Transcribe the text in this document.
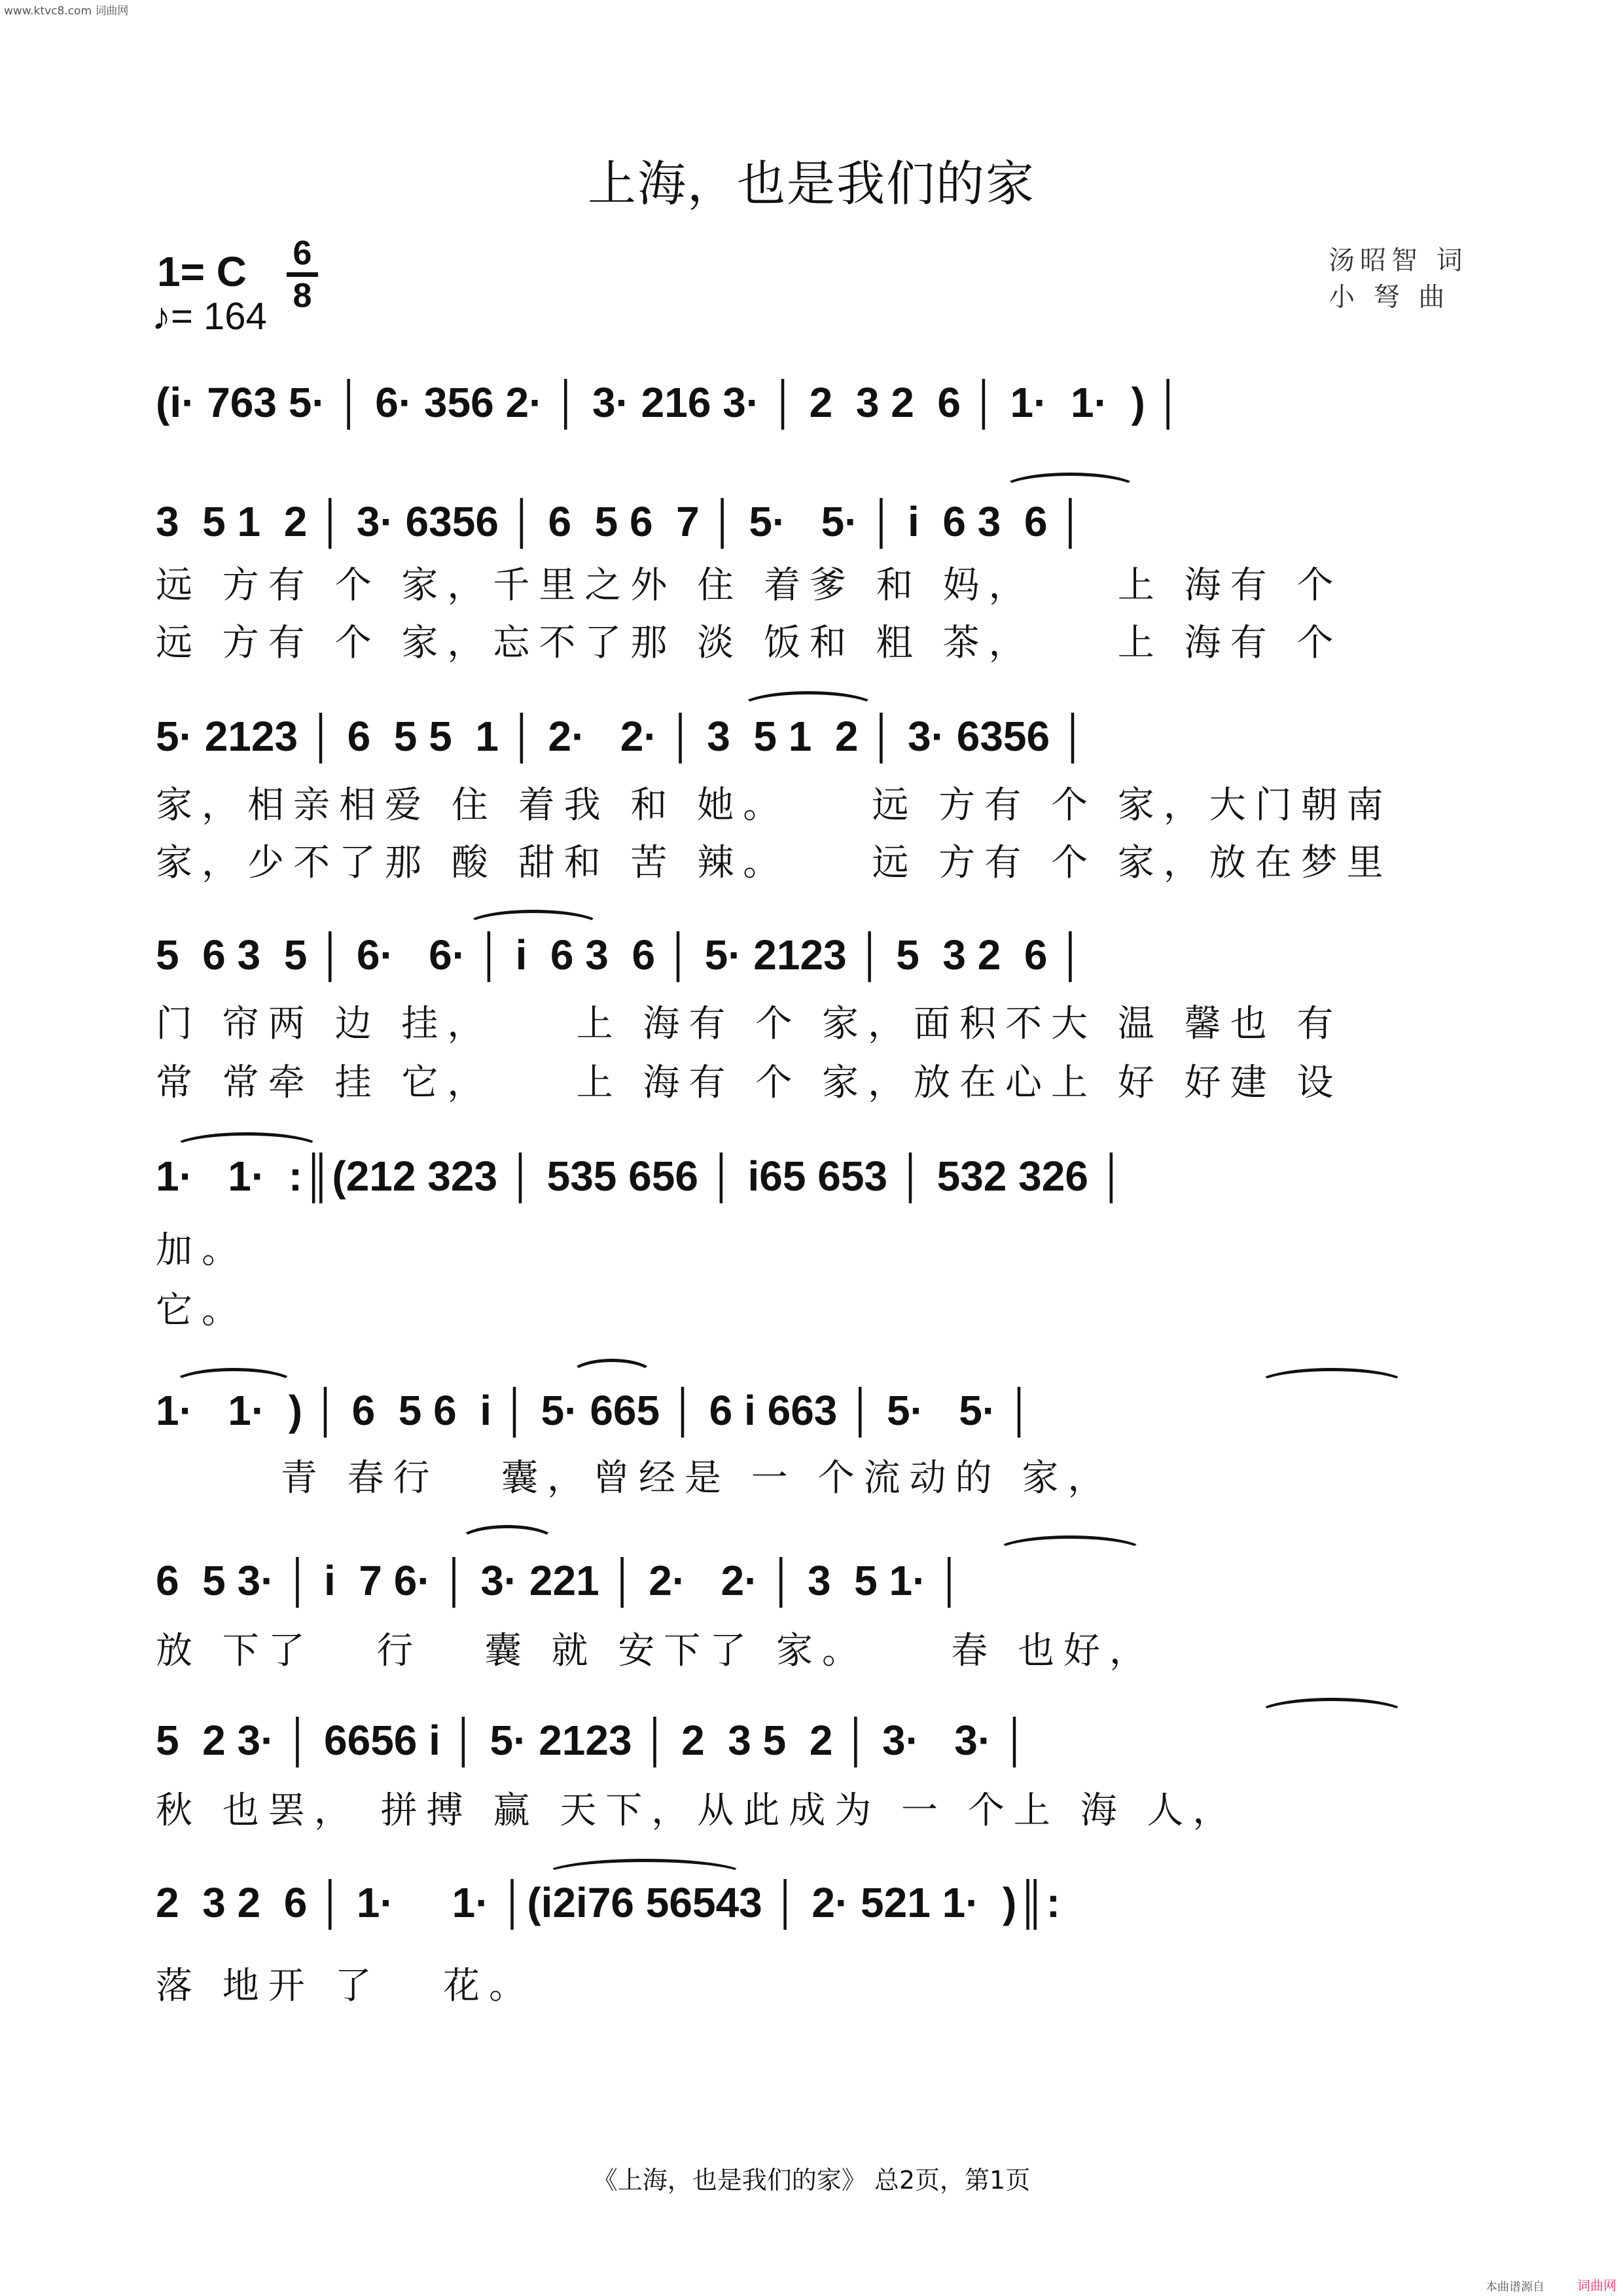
www.ktvc8.com 词曲网
上海，也是我们的家
1= C 6
8
♪= 164
汤昭智 词
小 弩 曲
(i· 763 5· │ 6· 356 2· │ 3· 216 3· │ 2  3 2  6 │ 1·  1·  ) │
3  5 1  2 │ 3· 6356 │ 6  5 6  7 │ 5·   5· │ i  6 3  6 │
远 方有 个 家，千里之外 住 着爹 和 妈，    上 海有 个
远 方有 个 家，忘不了那 淡 饭和 粗 茶，    上 海有 个
5· 2123 │ 6  5 5  1 │ 2·   2· │ 3  5 1  2 │ 3· 6356 │
家，相亲相爱 住 着我 和 她。    远 方有 个 家，大门朝南
家，少不了那 酸 甜和 苦 辣。    远 方有 个 家，放在梦里
5  6 3  5 │ 6·   6· │ i  6 3  6 │ 5· 2123 │ 5  3 2  6 │
门 帘两 边 挂，    上 海有 个 家，面积不大 温 馨也 有
常 常牵 挂 它，    上 海有 个 家，放在心上 好 好建 设
1·   1·  :║(212 323 │ 535 656 │ i65 653 │ 532 326 │
加。
它。
1·   1·  ) │ 6  5 6  i │ 5· 665 │ 6 i 663 │ 5·   5· │
青 春行   囊，曾经是 一 个流动的 家，
6  5 3· │ i  7 6· │ 3· 221 │ 2·   2· │ 3  5 1· │
放 下了   行   囊 就 安下了 家。    春 也好，
5  2 3· │ 6656 i │ 5· 2123 │ 2  3 5  2 │ 3·   3· │
秋 也罢， 拼搏 赢 天下，从此成为 一 个上 海 人，
2  3 2  6 │ 1·     1· │(i2i76 56543 │ 2· 521 1·  )║:
落 地开 了   花。
《上海，也是我们的家》 总2页，第1页
本曲谱源自	词曲网
